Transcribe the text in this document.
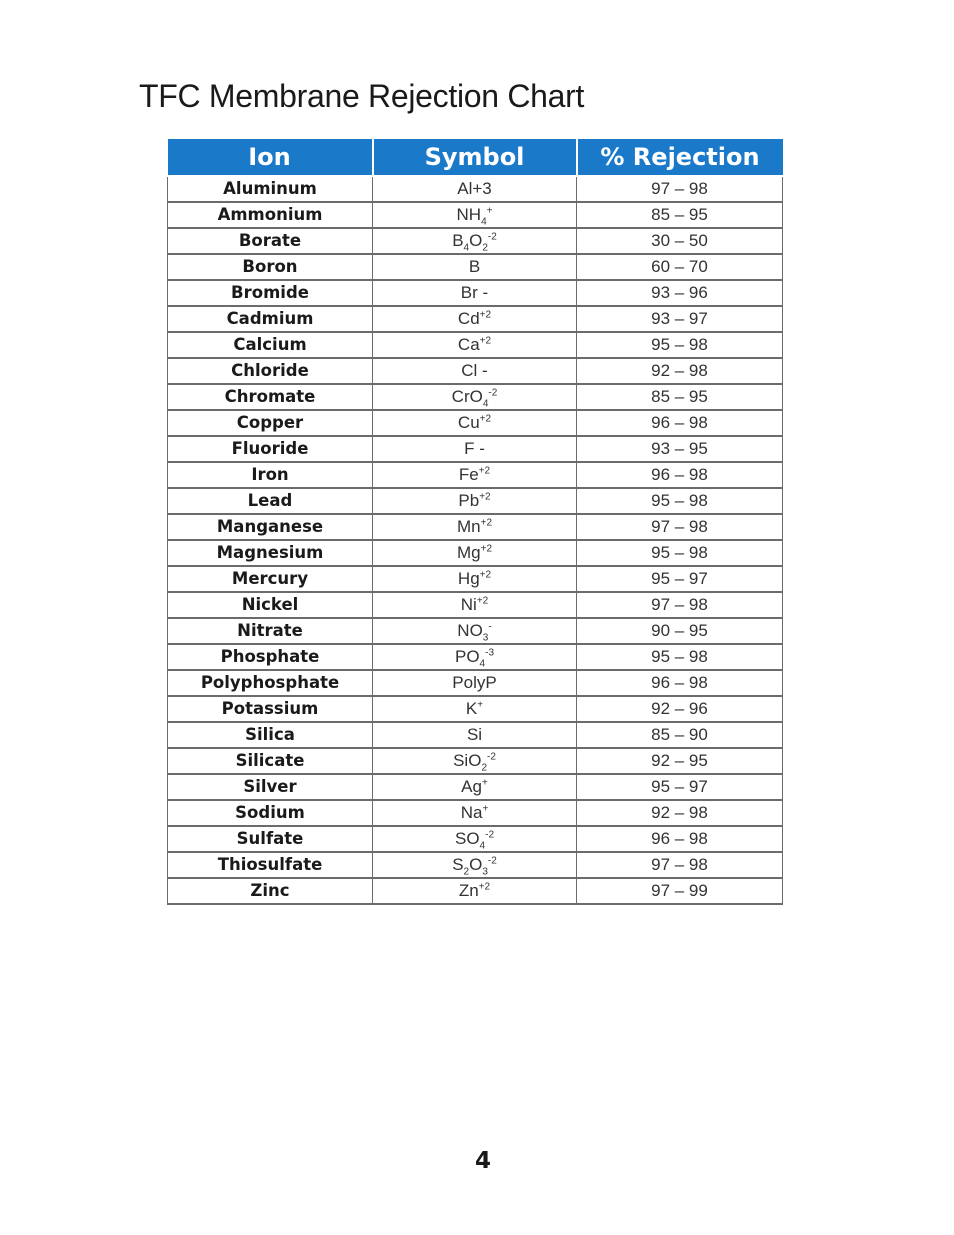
TFC Membrane Rejection Chart
Ion	Symbol	% Rejection
Aluminum	Al+3	97 – 98
Ammonium	$NH_4^+$	85 – 95
Borate	$B_4O_2^{-2}$	30 – 50
Boron	B	60 – 70
Bromide	Br -	93 – 96
Cadmium	$Cd^{+2}$	93 – 97
Calcium	$Ca^{+2}$	95 – 98
Chloride	Cl -	92 – 98
Chromate	CrO$_4^{-2}$	85 – 95
Copper	$Cu^{+2}$	96 – 98
Fluoride	F -	93 – 95
Iron	$Fe^{+2}$	96 – 98
Lead	$Pb^{+2}$	95 – 98
Manganese	$Mn^{+2}$	97 – 98
Magnesium	$Mg^{+2}$	95 – 98
Mercury	$Hg^{+2}$	95 – 97
Nickel	$Ni^{+2}$	97 – 98
Nitrate	$NO_3^-$	90 – 95
Phosphate	$PO_4^{-3}$	95 – 98
Polyphosphate	PolyP	96 – 98
Potassium	K+	92 – 96
Silica	Si	85 – 90
Silicate	SiO$_2^{-2}$	92 – 95
Silver	Ag+	95 – 97
Sodium	Na+	92 – 98
Sulfate	$SO_4^{-2}$	96 – 98
Thiosulfate	$S_2O_3^{-2}$	97 – 98
Zinc	$Zn^{+2}$	97 – 99
4
